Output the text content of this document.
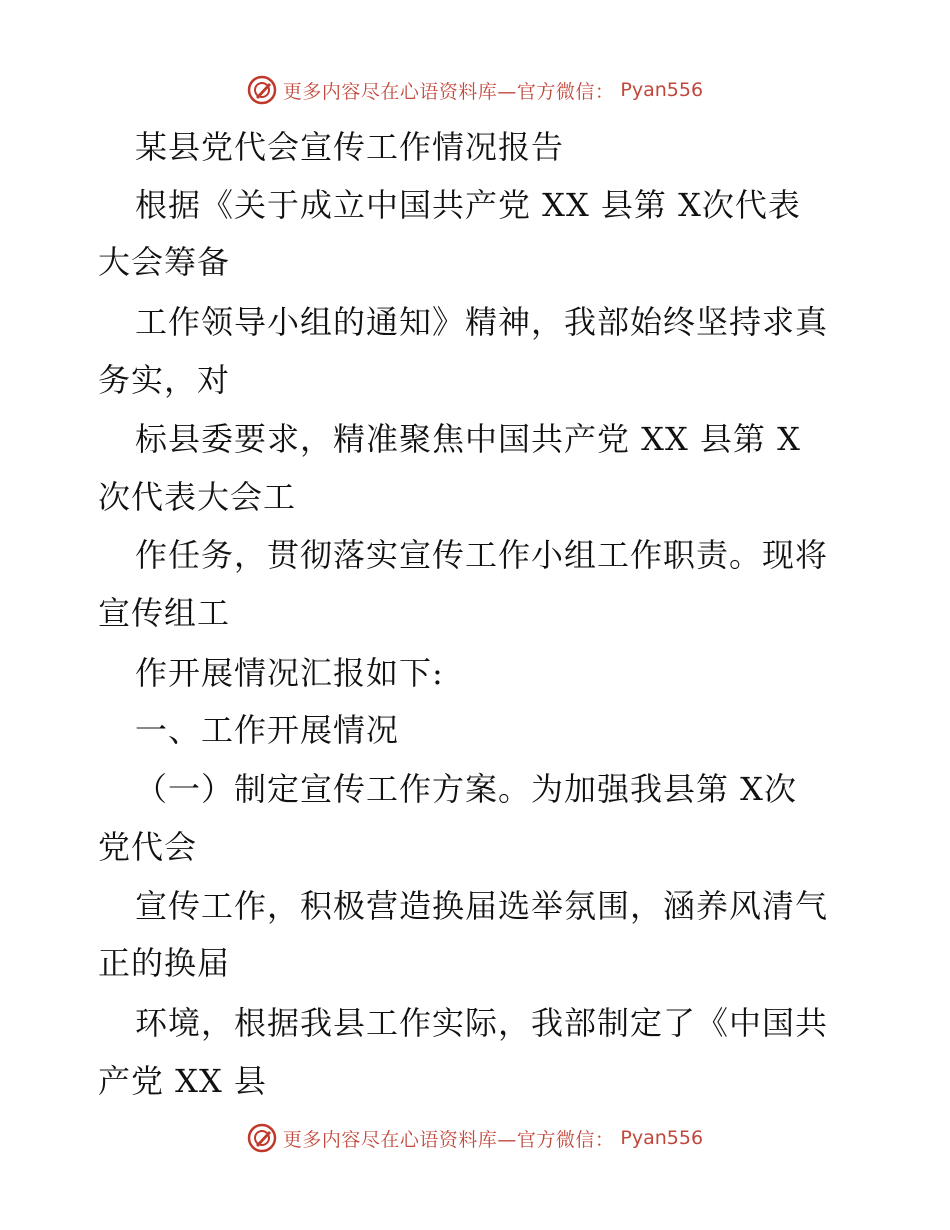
更多内容尽在心语资料库—官方微信： Pyan556
某县党代会宣传工作情况报告
根据《关于成立中国共产党 XX 县第 X次代表
大会筹备
工作领导小组的通知》精神，我部始终坚持求真
务实，对
标县委要求，精准聚焦中国共产党 XX 县第 X
次代表大会工
作任务，贯彻落实宣传工作小组工作职责。现将
宣传组工
作开展情况汇报如下:
一、工作开展情况
（一）制定宣传工作方案。为加强我县第 X次
党代会
宣传工作，积极营造换届选举氛围，涵养风清气
正的换届
环境，根据我县工作实际，我部制定了《中国共
产党 XX 县
更多内容尽在心语资料库—官方微信： Pyan556
